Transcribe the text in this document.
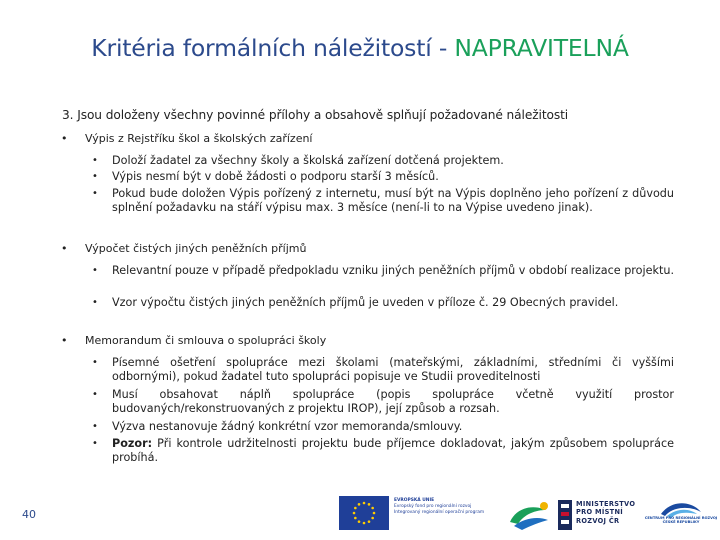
Kritéria formálních náležitostí - NAPRAVITELNÁ
3. Jsou doloženy všechny povinné přílohy a obsahově splňují požadované náležitosti
• Výpis z Rejstříku škol a školských zařízení
• Doloží žadatel za všechny školy a školská zařízení dotčená projektem.
• Výpis nesmí být v době žádosti o podporu starší 3 měsíců.
• Pokud bude doložen Výpis pořízený z internetu, musí být na Výpis doplněno jeho pořízení z důvodu splnění požadavku na stáří výpisu max. 3 měsíce (není-li to na Výpise uvedeno jinak).
• Výpočet čistých jiných peněžních příjmů
• Relevantní pouze v případě předpokladu vzniku jiných peněžních příjmů v období realizace projektu.
• Vzor výpočtu čistých jiných peněžních příjmů je uveden v příloze č. 29 Obecných pravidel.
• Memorandum či smlouva o spolupráci školy
• Písemné ošetření spolupráce mezi školami (mateřskými, základními, středními či vyššími odbornými), pokud žadatel tuto spolupráci popisuje ve Studii proveditelnosti
• Musí obsahovat náplň spolupráce (popis spolupráce včetně využití prostor budovaných/rekonstruovaných z projektu IROP), její způsob a rozsah.
• Výzva nestanovuje žádný konkrétní vzor memoranda/smlouvy.
• Pozor: Při kontrole udržitelnosti projektu bude příjemce dokladovat, jakým způsobem spolupráce probíhá.
40
EVROPSKÁ UNIE
Evropský fond pro regionální rozvoj
Integrovaný regionální operační program
MINISTERSTVO
PRO MÍSTNÍ
ROZVOJ ČR	CENTRUM PRO REGIONÁLNÍ ROZVOJ
ČESKÉ REPUBLIKY
